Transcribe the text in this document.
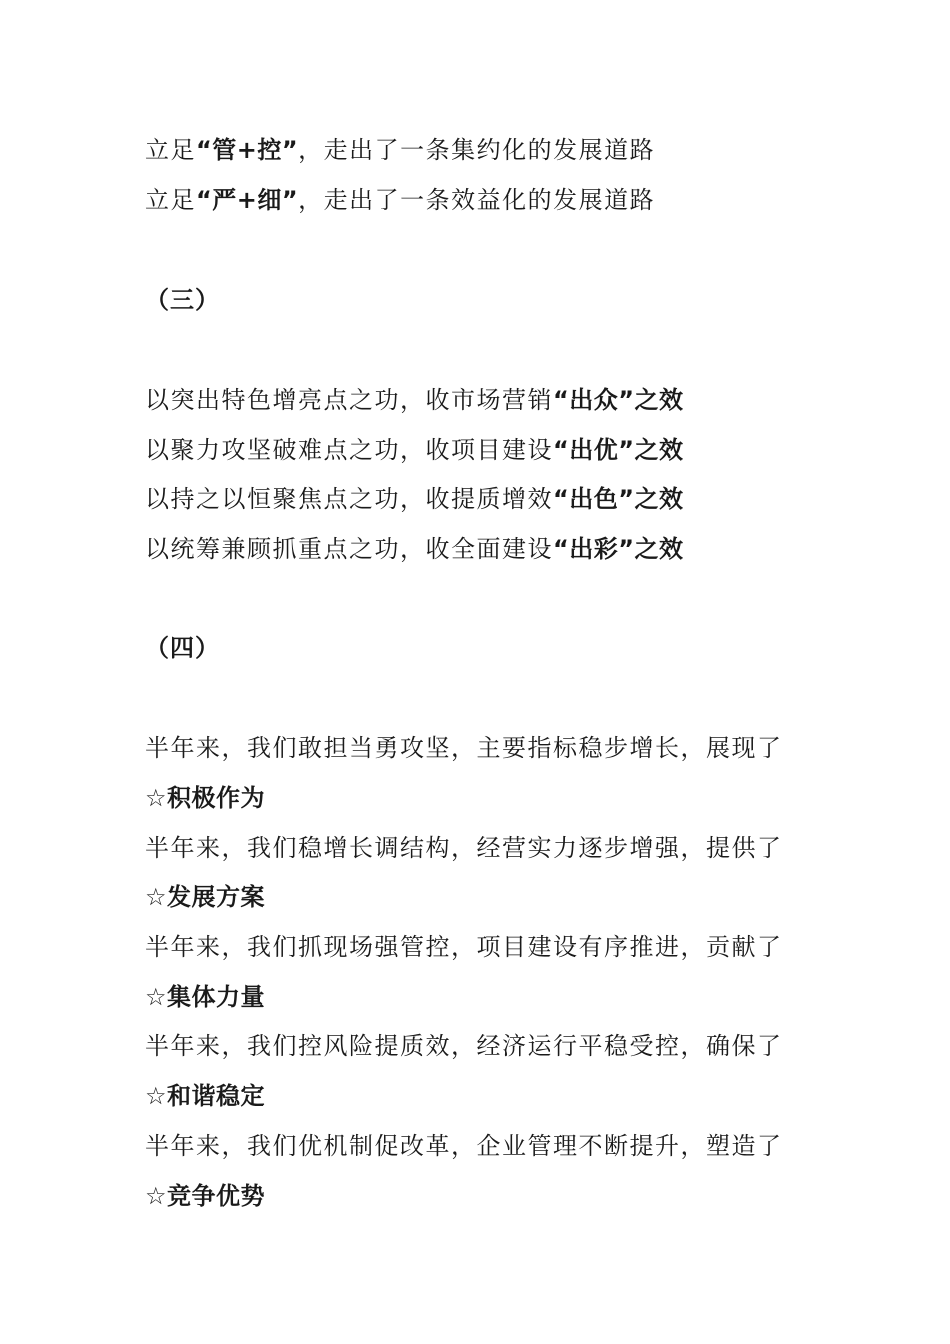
立足“管+控”，走出了一条集约化的发展道路
立足“严+细”，走出了一条效益化的发展道路
（三）
以突出特色增亮点之功，收市场营销“出众”之效
以聚力攻坚破难点之功，收项目建设“出优”之效
以持之以恒聚焦点之功，收提质增效“出色”之效
以统筹兼顾抓重点之功，收全面建设“出彩”之效
（四）
半年来，我们敢担当勇攻坚，主要指标稳步增长，展现了
☆积极作为
半年来，我们稳增长调结构，经营实力逐步增强，提供了
☆发展方案
半年来，我们抓现场强管控，项目建设有序推进，贡献了
☆集体力量
半年来，我们控风险提质效，经济运行平稳受控，确保了
☆和谐稳定
半年来，我们优机制促改革，企业管理不断提升，塑造了
☆竞争优势
